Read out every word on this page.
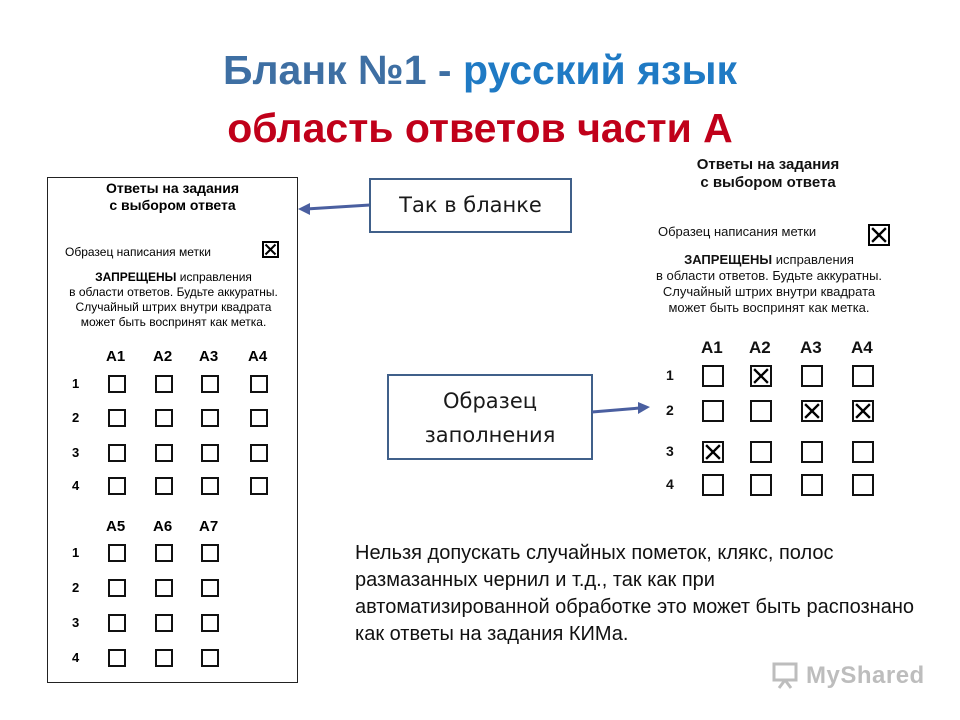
Бланк №1 - русский язык
область ответов части А
Ответы на задания
с выбором ответа
Образец написания метки
ЗАПРЕЩЕНЫ исправления
в области ответов. Будьте аккуратны.
Случайный штрих внутри квадрата
может быть воспринят как метка.
A1 A2 A3 A4
1
2
3
4
A5 A6 A7
1
2
3
4
Так в бланке
Образец
заполнения
Ответы на задания
с выбором ответа
Образец написания метки
ЗАПРЕЩЕНЫ исправления
в области ответов. Будьте аккуратны.
Случайный штрих внутри квадрата
может быть воспринят как метка.
A1 A2 A3 A4
1
2
3
4

Нельзя допускать случайных пометок, клякс, полос размазанных чернил и т.д., так как при автоматизированной обработке это может быть распознано как ответы на задания КИМа.

MyShared
